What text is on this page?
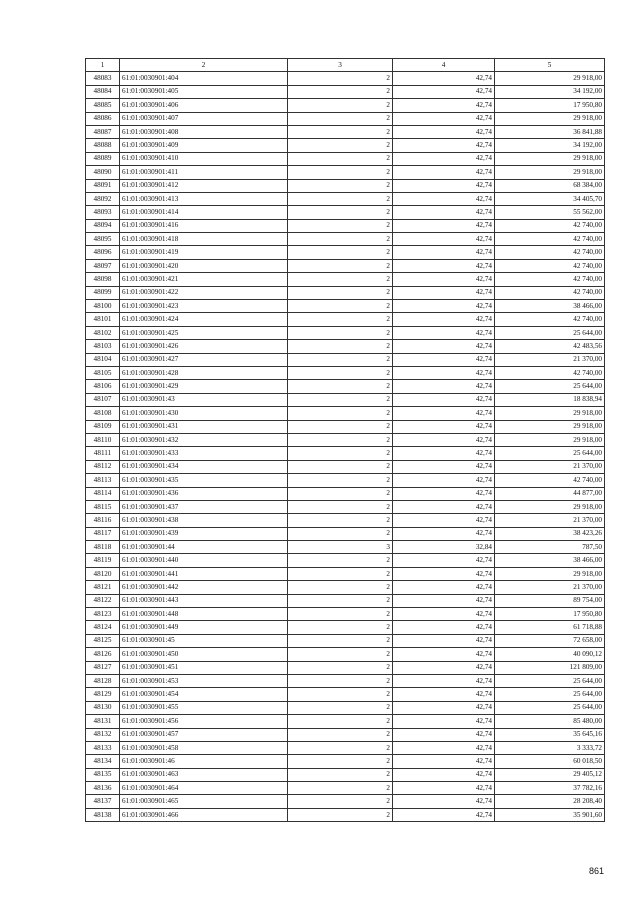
1	2	3	4	5
48083	61:01:0030901:404	2	42,74	29 918,00
48084	61:01:0030901:405	2	42,74	34 192,00
48085	61:01:0030901:406	2	42,74	17 950,80
48086	61:01:0030901:407	2	42,74	29 918,00
48087	61:01:0030901:408	2	42,74	36 841,88
48088	61:01:0030901:409	2	42,74	34 192,00
48089	61:01:0030901:410	2	42,74	29 918,00
48090	61:01:0030901:411	2	42,74	29 918,00
48091	61:01:0030901:412	2	42,74	68 384,00
48092	61:01:0030901:413	2	42,74	34 405,70
48093	61:01:0030901:414	2	42,74	55 562,00
48094	61:01:0030901:416	2	42,74	42 740,00
48095	61:01:0030901:418	2	42,74	42 740,00
48096	61:01:0030901:419	2	42,74	42 740,00
48097	61:01:0030901:420	2	42,74	42 740,00
48098	61:01:0030901:421	2	42,74	42 740,00
48099	61:01:0030901:422	2	42,74	42 740,00
48100	61:01:0030901:423	2	42,74	38 466,00
48101	61:01:0030901:424	2	42,74	42 740,00
48102	61:01:0030901:425	2	42,74	25 644,00
48103	61:01:0030901:426	2	42,74	42 483,56
48104	61:01:0030901:427	2	42,74	21 370,00
48105	61:01:0030901:428	2	42,74	42 740,00
48106	61:01:0030901:429	2	42,74	25 644,00
48107	61:01:0030901:43	2	42,74	18 838,94
48108	61:01:0030901:430	2	42,74	29 918,00
48109	61:01:0030901:431	2	42,74	29 918,00
48110	61:01:0030901:432	2	42,74	29 918,00
48111	61:01:0030901:433	2	42,74	25 644,00
48112	61:01:0030901:434	2	42,74	21 370,00
48113	61:01:0030901:435	2	42,74	42 740,00
48114	61:01:0030901:436	2	42,74	44 877,00
48115	61:01:0030901:437	2	42,74	29 918,00
48116	61:01:0030901:438	2	42,74	21 370,00
48117	61:01:0030901:439	2	42,74	38 423,26
48118	61:01:0030901:44	3	32,84	787,50
48119	61:01:0030901:440	2	42,74	38 466,00
48120	61:01:0030901:441	2	42,74	29 918,00
48121	61:01:0030901:442	2	42,74	21 370,00
48122	61:01:0030901:443	2	42,74	89 754,00
48123	61:01:0030901:448	2	42,74	17 950,80
48124	61:01:0030901:449	2	42,74	61 718,88
48125	61:01:0030901:45	2	42,74	72 658,00
48126	61:01:0030901:450	2	42,74	40 090,12
48127	61:01:0030901:451	2	42,74	121 809,00
48128	61:01:0030901:453	2	42,74	25 644,00
48129	61:01:0030901:454	2	42,74	25 644,00
48130	61:01:0030901:455	2	42,74	25 644,00
48131	61:01:0030901:456	2	42,74	85 480,00
48132	61:01:0030901:457	2	42,74	35 645,16
48133	61:01:0030901:458	2	42,74	3 333,72
48134	61:01:0030901:46	2	42,74	60 018,50
48135	61:01:0030901:463	2	42,74	29 405,12
48136	61:01:0030901:464	2	42,74	37 782,16
48137	61:01:0030901:465	2	42,74	28 208,40
48138	61:01:0030901:466	2	42,74	35 901,60
861
